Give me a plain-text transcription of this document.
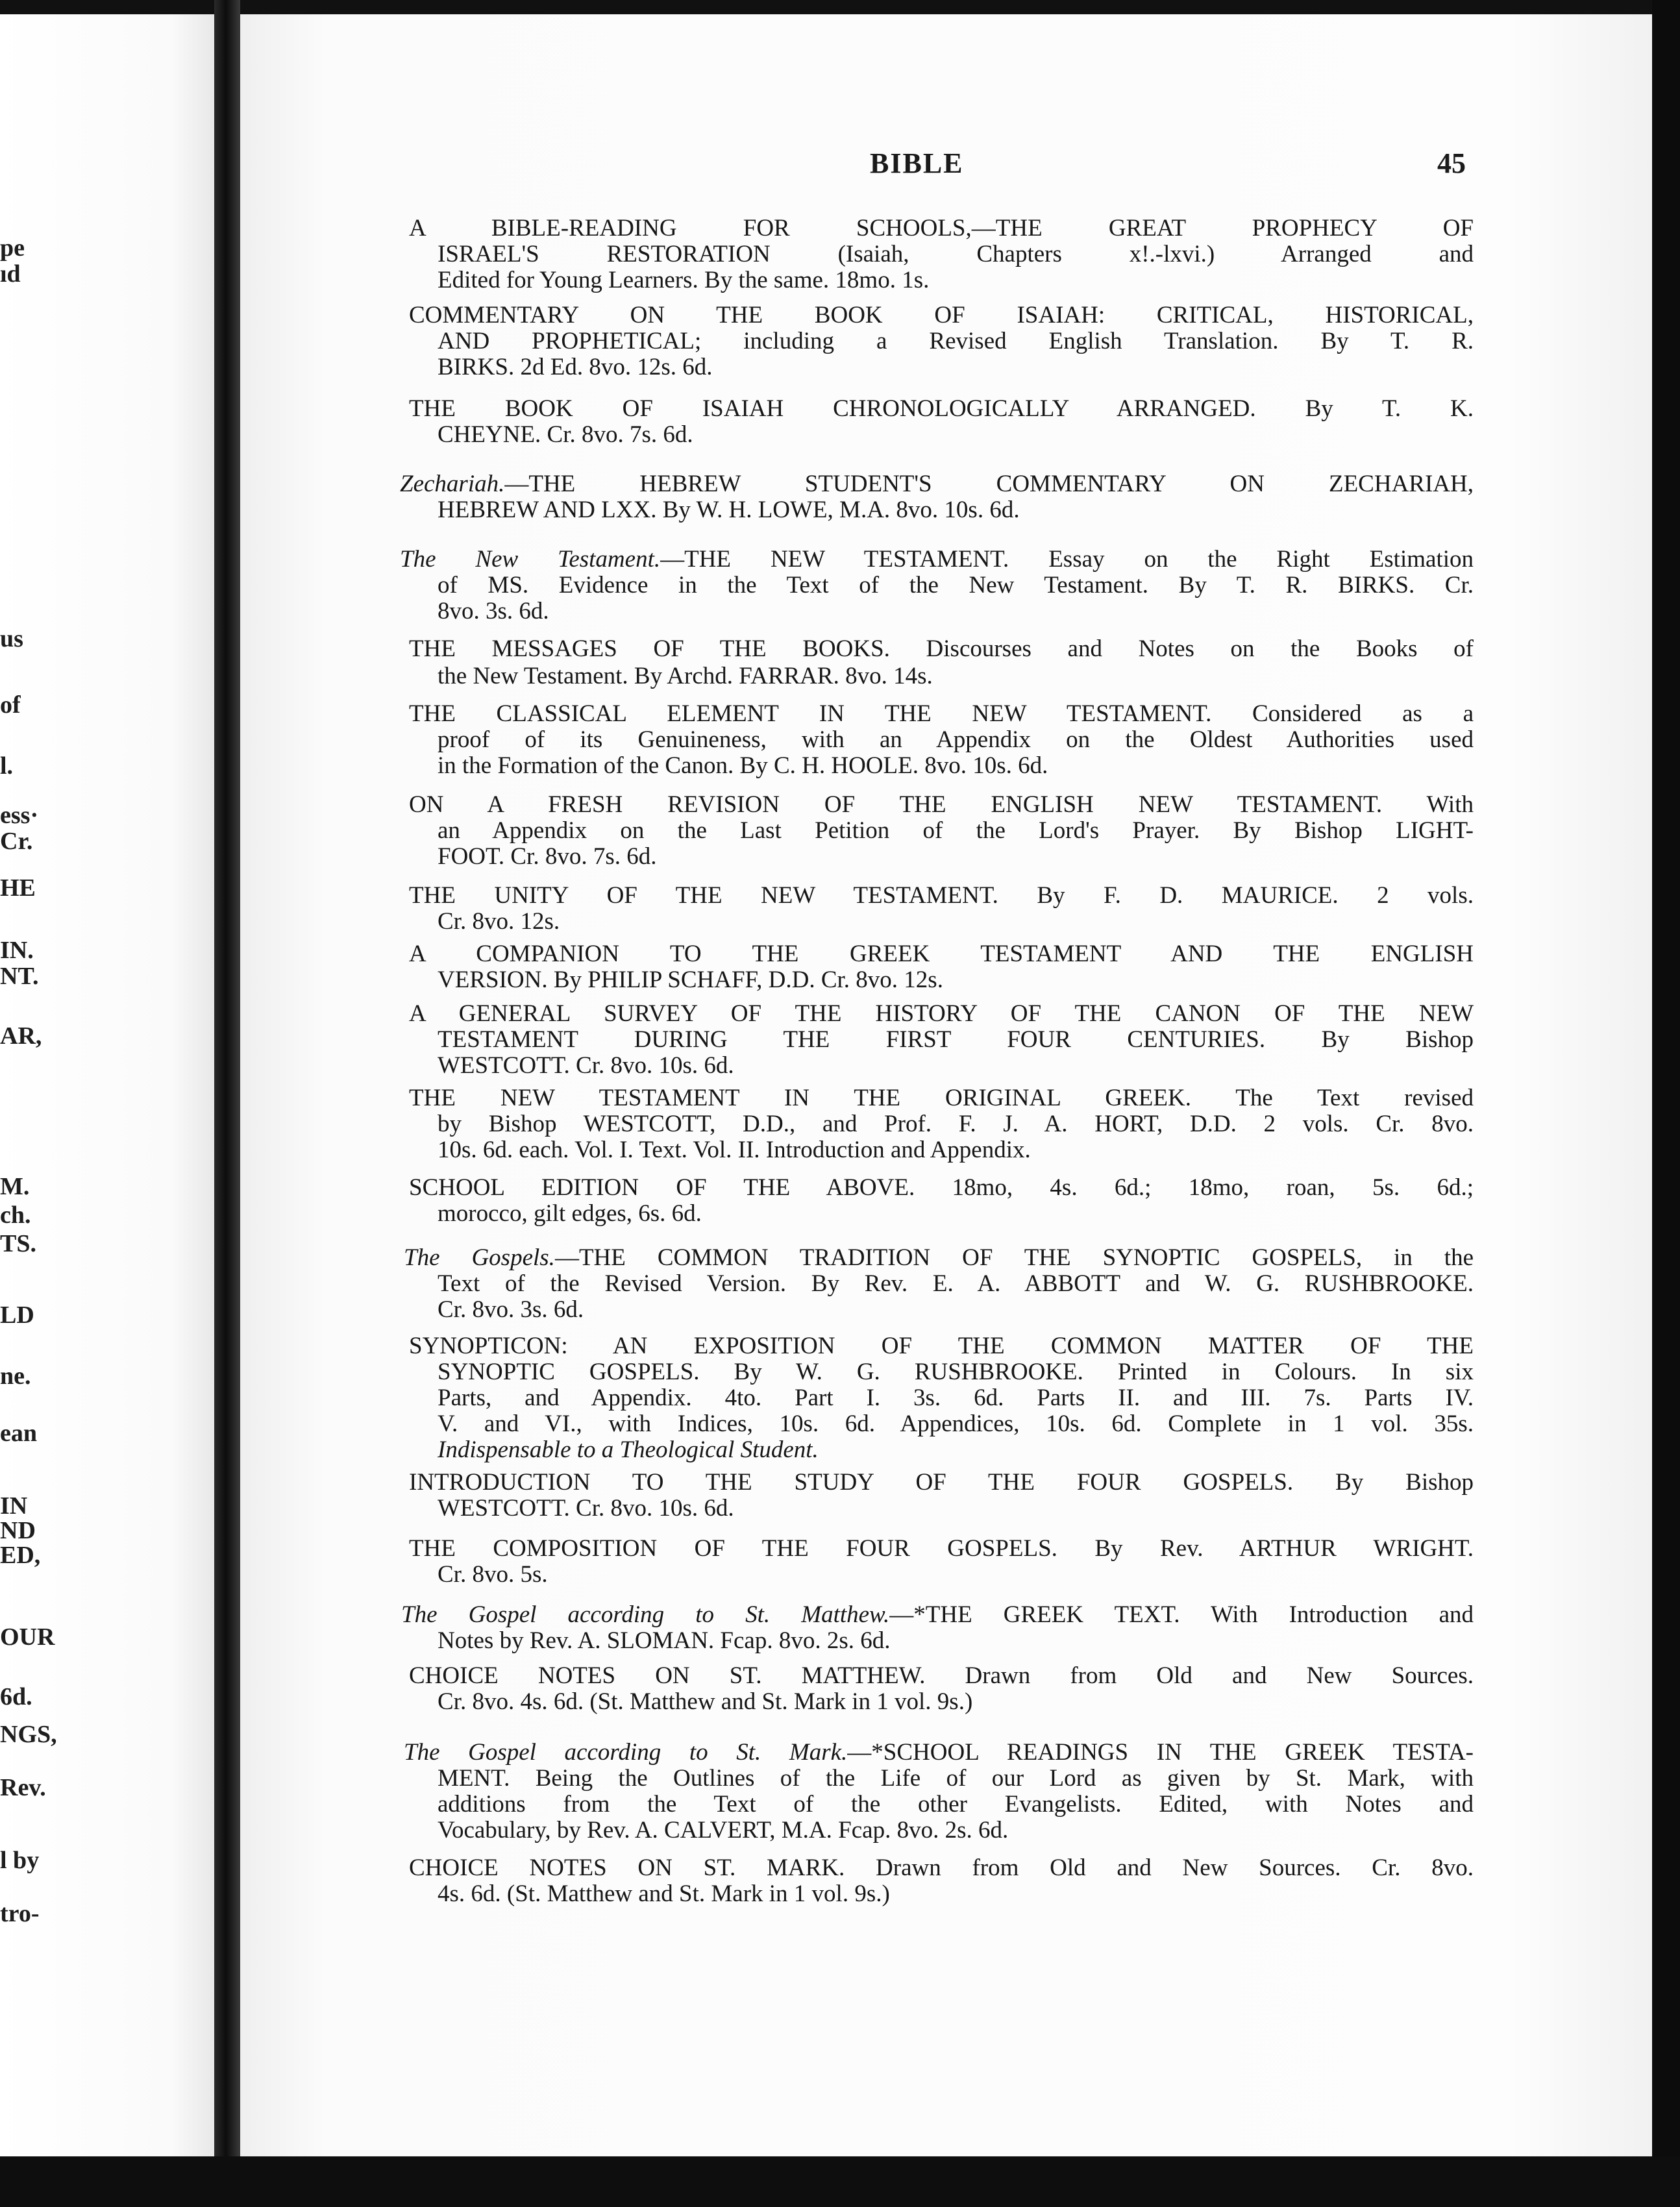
pe
ıd
us
of
l.
ess·
Cr.
HE
IN.
NT.
AR,
M.
ch.
TS.
LD
ne.
ean
IN
ND
ED,
OUR
6d.
NGS,
Rev.
l by
tro-
BIBLE	45
A BIBLE-READING FOR SCHOOLS,—THE GREAT PROPHECY OF
ISRAEL'S RESTORATION (Isaiah, Chapters x!.-lxvi.) Arranged and
Edited for Young Learners. By the same. 18mo. 1s.
COMMENTARY ON THE BOOK OF ISAIAH: CRITICAL, HISTORICAL,
AND PROPHETICAL; including a Revised English Translation. By T. R.
BIRKS. 2d Ed. 8vo. 12s. 6d.
THE BOOK OF ISAIAH CHRONOLOGICALLY ARRANGED. By T. K.
CHEYNE. Cr. 8vo. 7s. 6d.
Zechariah.—THE HEBREW STUDENT'S COMMENTARY ON ZECHARIAH,
HEBREW AND LXX. By W. H. LOWE, M.A. 8vo. 10s. 6d.
The New Testament.—THE NEW TESTAMENT. Essay on the Right Estimation
of MS. Evidence in the Text of the New Testament. By T. R. BIRKS. Cr.
8vo. 3s. 6d.
THE MESSAGES OF THE BOOKS. Discourses and Notes on the Books of
the New Testament. By Archd. FARRAR. 8vo. 14s.
THE CLASSICAL ELEMENT IN THE NEW TESTAMENT. Considered as a
proof of its Genuineness, with an Appendix on the Oldest Authorities used
in the Formation of the Canon. By C. H. HOOLE. 8vo. 10s. 6d.
ON A FRESH REVISION OF THE ENGLISH NEW TESTAMENT. With
an Appendix on the Last Petition of the Lord's Prayer. By Bishop LIGHT-
FOOT. Cr. 8vo. 7s. 6d.
THE UNITY OF THE NEW TESTAMENT. By F. D. MAURICE. 2 vols.
Cr. 8vo. 12s.
A COMPANION TO THE GREEK TESTAMENT AND THE ENGLISH
VERSION. By PHILIP SCHAFF, D.D. Cr. 8vo. 12s.
A GENERAL SURVEY OF THE HISTORY OF THE CANON OF THE NEW
TESTAMENT DURING THE FIRST FOUR CENTURIES. By Bishop
WESTCOTT. Cr. 8vo. 10s. 6d.
THE NEW TESTAMENT IN THE ORIGINAL GREEK. The Text revised
by Bishop WESTCOTT, D.D., and Prof. F. J. A. HORT, D.D. 2 vols. Cr. 8vo.
10s. 6d. each. Vol. I. Text. Vol. II. Introduction and Appendix.
SCHOOL EDITION OF THE ABOVE. 18mo, 4s. 6d.; 18mo, roan, 5s. 6d.;
morocco, gilt edges, 6s. 6d.
The Gospels.—THE COMMON TRADITION OF THE SYNOPTIC GOSPELS, in the
Text of the Revised Version. By Rev. E. A. ABBOTT and W. G. RUSHBROOKE.
Cr. 8vo. 3s. 6d.
SYNOPTICON: AN EXPOSITION OF THE COMMON MATTER OF THE
SYNOPTIC GOSPELS. By W. G. RUSHBROOKE. Printed in Colours. In six
Parts, and Appendix. 4to. Part I. 3s. 6d. Parts II. and III. 7s. Parts IV.
V. and VI., with Indices, 10s. 6d. Appendices, 10s. 6d. Complete in 1 vol. 35s.
Indispensable to a Theological Student.
INTRODUCTION TO THE STUDY OF THE FOUR GOSPELS. By Bishop
WESTCOTT. Cr. 8vo. 10s. 6d.
THE COMPOSITION OF THE FOUR GOSPELS. By Rev. ARTHUR WRIGHT.
Cr. 8vo. 5s.
The Gospel according to St. Matthew.—*THE GREEK TEXT. With Introduction and
Notes by Rev. A. SLOMAN. Fcap. 8vo. 2s. 6d.
CHOICE NOTES ON ST. MATTHEW. Drawn from Old and New Sources.
Cr. 8vo. 4s. 6d. (St. Matthew and St. Mark in 1 vol. 9s.)
The Gospel according to St. Mark.—*SCHOOL READINGS IN THE GREEK TESTA-
MENT. Being the Outlines of the Life of our Lord as given by St. Mark, with
additions from the Text of the other Evangelists. Edited, with Notes and
Vocabulary, by Rev. A. CALVERT, M.A. Fcap. 8vo. 2s. 6d.
CHOICE NOTES ON ST. MARK. Drawn from Old and New Sources. Cr. 8vo.
4s. 6d. (St. Matthew and St. Mark in 1 vol. 9s.)
